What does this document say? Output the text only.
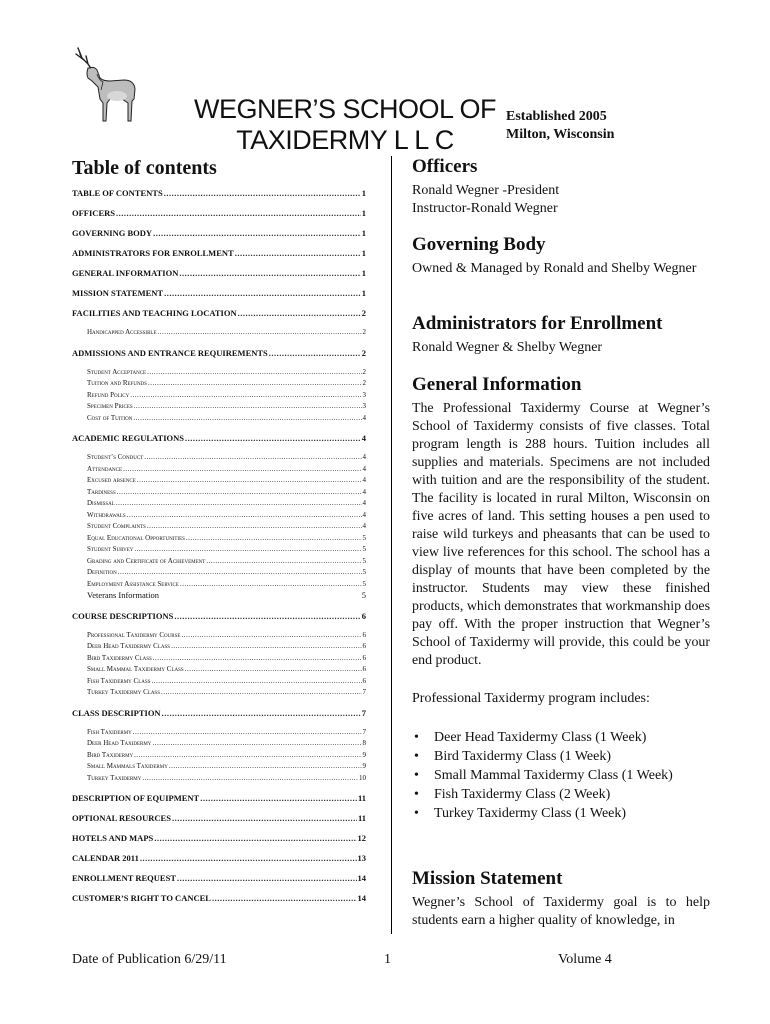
WEGNER’S SCHOOL OF
TAXIDERMY L L C
Established 2005
Milton, Wisconsin
Table of contents
TABLE OF CONTENTS .....	1
OFFICERS .....	1
GOVERNING BODY .....	1
ADMINISTRATORS FOR ENROLLMENT .....	1
GENERAL INFORMATION .....	1
MISSION STATEMENT .....	1
FACILITIES AND TEACHING LOCATION .....	2
Handicapped Accessible .....	2
ADMISSIONS AND ENTRANCE REQUIREMENTS .....	2
Student Acceptance .....	2
Tuition and Refunds .....	2
Refund Policy .....	3
Specimen Prices .....	3
Cost of Tuition .....	4
ACADEMIC REGULATIONS .....	4
Student’s Conduct .....	4
Attendance .....	4
Excused absence .....	4
Tardiness .....	4
Dismissal .....	4
Withdrawals .....	4
Student Complaints .....	4
Equal Educational Opportunities .....	5
Student Survey .....	5
Grading and Certificate of Achievement .....	5
Definition .....	5
Employment Assistance Service .....	5
Veterans Information	5
COURSE DESCRIPTIONS .....	6
Professional Taxidermy Course .....	6
Deer Head Taxidermy Class .....	6
Bird Taxidermy Class .....	6
Small Mammal Taxidermy Class .....	6
Fish Taxidermy Class .....	6
Turkey Taxidermy Class .....	7
CLASS DESCRIPTION .....	7
Fish Taxidermy .....	7
Deer Head Taxidermy .....	8
Bird Taxidermy .....	9
Small Mammals Taxidermy .....	9
Turkey Taxidermy .....	10
DESCRIPTION OF EQUIPMENT .....	11
OPTIONAL RESOURCES .....	11
HOTELS AND MAPS .....	12
CALENDAR 2011 .....	13
ENROLLMENT REQUEST .....	14
CUSTOMER’S RIGHT TO CANCEL .....	14
Officers

Ronald Wegner -President

Instructor-Ronald Wegner

Governing Body

Owned & Managed by Ronald and Shelby Wegner

Administrators for Enrollment

Ronald Wegner & Shelby Wegner

General Information

The Professional Taxidermy Course at Wegner’s School of Taxidermy consists of five classes. Total program length is 288 hours. Tuition includes all supplies and materials. Specimens are not included with tuition and are the responsibility of the student. The facility is located in rural Milton, Wisconsin on five acres of land. This setting houses a pen used to raise wild turkeys and pheasants that can be used to view live references for this school. The school has a display of mounts that have been completed by the instructor. Students may view these finished products, which demonstrates that workmanship does pay off. With the proper instruction that Wegner’s School of Taxidermy will provide, this could be your end product.

Professional Taxidermy program includes:

• Deer Head Taxidermy Class (1 Week)
• Bird Taxidermy Class (1 Week)
• Small Mammal Taxidermy Class (1 Week)
• Fish Taxidermy Class (2 Week)
• Turkey Taxidermy Class (1 Week)
Mission Statement

Wegner’s School of Taxidermy goal is to help students earn a higher quality of knowledge, in

Date of Publication 6/29/11	1	Volume 4
